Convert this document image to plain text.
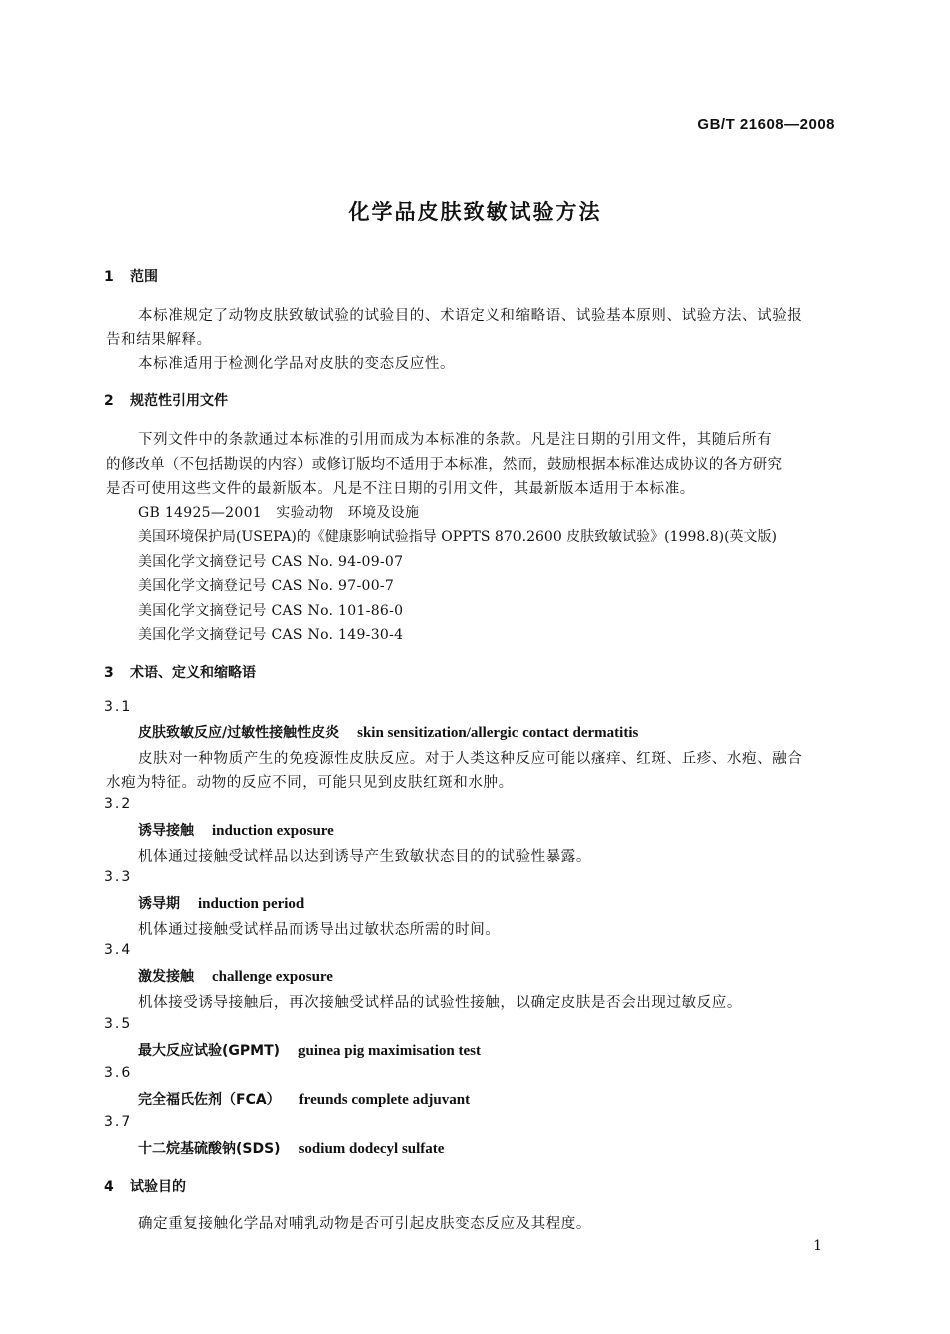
GB/T 21608—2008
化学品皮肤致敏试验方法
1 范围
本标准规定了动物皮肤致敏试验的试验目的、术语定义和缩略语、试验基本原则、试验方法、试验报
告和结果解释。
本标准适用于检测化学品对皮肤的变态反应性。
2 规范性引用文件
下列文件中的条款通过本标准的引用而成为本标准的条款。凡是注日期的引用文件，其随后所有
的修改单（不包括勘误的内容）或修订版均不适用于本标准，然而，鼓励根据本标准达成协议的各方研究
是否可使用这些文件的最新版本。凡是不注日期的引用文件，其最新版本适用于本标准。
GB 14925—2001　实验动物　环境及设施
美国环境保护局(USEPA)的《健康影响试验指导 OPPTS 870.2600 皮肤致敏试验》(1998.8)(英文版)
美国化学文摘登记号 CAS No. 94-09-07
美国化学文摘登记号 CAS No. 97-00-7
美国化学文摘登记号 CAS No. 101-86-0
美国化学文摘登记号 CAS No. 149-30-4
3 术语、定义和缩略语
3.1
皮肤致敏反应/过敏性接触性皮炎 skin sensitization/allergic contact dermatitis
皮肤对一种物质产生的免疫源性皮肤反应。对于人类这种反应可能以瘙痒、红斑、丘疹、水疱、融合
水疱为特征。动物的反应不同，可能只见到皮肤红斑和水肿。
3.2
诱导接触 induction exposure
机体通过接触受试样品以达到诱导产生致敏状态目的的试验性暴露。
3.3
诱导期 induction period
机体通过接触受试样品而诱导出过敏状态所需的时间。
3.4
激发接触 challenge exposure
机体接受诱导接触后，再次接触受试样品的试验性接触，以确定皮肤是否会出现过敏反应。
3.5
最大反应试验(GPMT) guinea pig maximisation test
3.6
完全福氏佐剂（FCA） freunds complete adjuvant
3.7
十二烷基硫酸钠(SDS) sodium dodecyl sulfate
4 试验目的
确定重复接触化学品对哺乳动物是否可引起皮肤变态反应及其程度。
1
